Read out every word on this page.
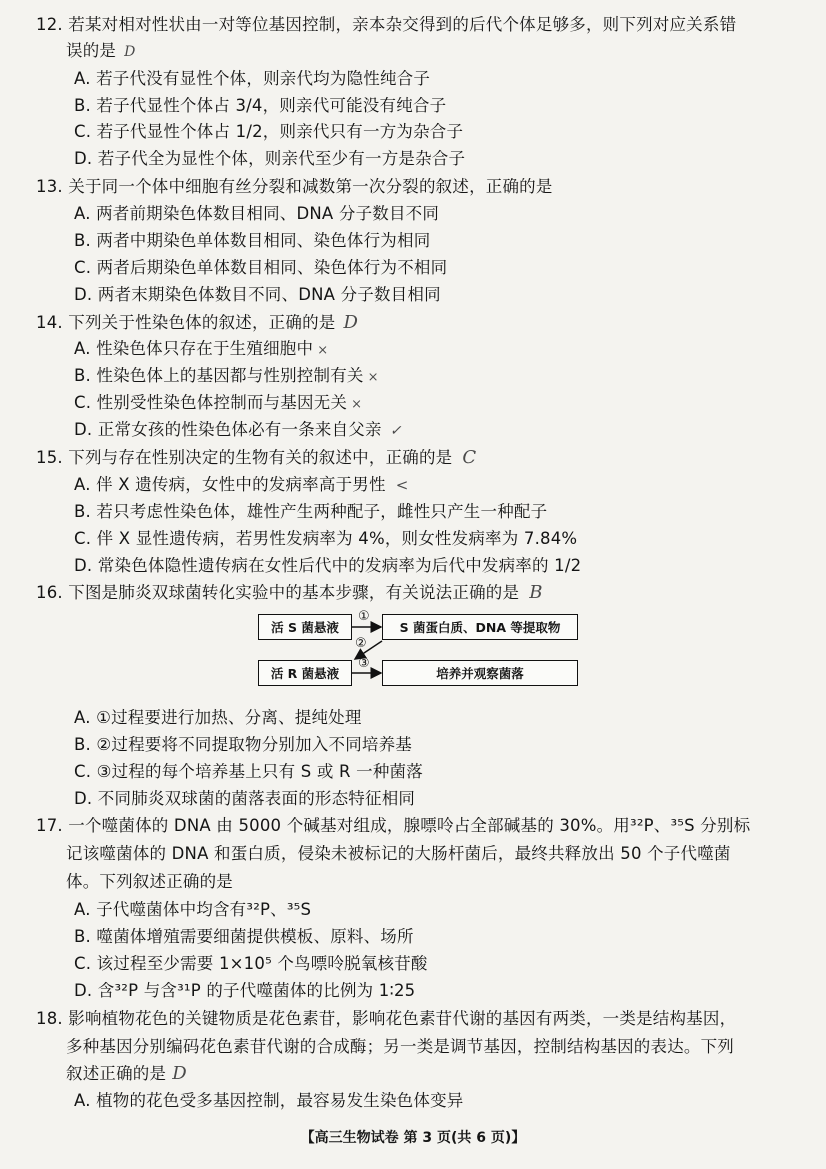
12. 若某对相对性状由一对等位基因控制，亲本杂交得到的后代个体足够多，则下列对应关系错
误的是 D
A. 若子代没有显性个体，则亲代均为隐性纯合子
B. 若子代显性个体占 3/4，则亲代可能没有纯合子
C. 若子代显性个体占 1/2，则亲代只有一方为杂合子
D. 若子代全为显性个体，则亲代至少有一方是杂合子
13. 关于同一个体中细胞有丝分裂和减数第一次分裂的叙述，正确的是
A. 两者前期染色体数目相同、DNA 分子数目不同
B. 两者中期染色单体数目相同、染色体行为相同
C. 两者后期染色单体数目相同、染色体行为不相同
D. 两者末期染色体数目不同、DNA 分子数目相同
14. 下列关于性染色体的叙述，正确的是 D
A. 性染色体只存在于生殖细胞中 ×
B. 性染色体上的基因都与性别控制有关 ×
C. 性别受性染色体控制而与基因无关 ×
D. 正常女孩的性染色体必有一条来自父亲 ✓
15. 下列与存在性别决定的生物有关的叙述中，正确的是 C
A. 伴 X 遗传病，女性中的发病率高于男性 <
B. 若只考虑性染色体，雄性产生两种配子，雌性只产生一种配子
C. 伴 X 显性遗传病，若男性发病率为 4%，则女性发病率为 7.84%
D. 常染色体隐性遗传病在女性后代中的发病率为后代中发病率的 1/2
16. 下图是肺炎双球菌转化实验中的基本步骤，有关说法正确的是 B
活 S 菌悬液	S 菌蛋白质、DNA 等提取物
活 R 菌悬液	培养并观察菌落
①
②
③
A. ①过程要进行加热、分离、提纯处理
B. ②过程要将不同提取物分别加入不同培养基
C. ③过程的每个培养基上只有 S 或 R 一种菌落
D. 不同肺炎双球菌的菌落表面的形态特征相同
17. 一个噬菌体的 DNA 由 5000 个碱基对组成，腺嘌呤占全部碱基的 30%。用³²P、³⁵S 分别标
记该噬菌体的 DNA 和蛋白质，侵染未被标记的大肠杆菌后，最终共释放出 50 个子代噬菌
体。下列叙述正确的是
A. 子代噬菌体中均含有³²P、³⁵S
B. 噬菌体增殖需要细菌提供模板、原料、场所
C. 该过程至少需要 1×10⁵ 个鸟嘌呤脱氧核苷酸
D. 含³²P 与含³¹P 的子代噬菌体的比例为 1∶25
18. 影响植物花色的关键物质是花色素苷，影响花色素苷代谢的基因有两类，一类是结构基因，
多种基因分别编码花色素苷代谢的合成酶；另一类是调节基因，控制结构基因的表达。下列
叙述正确的是 D
A. 植物的花色受多基因控制，最容易发生染色体变异
【高三生物试卷 第 3 页(共 6 页)】
